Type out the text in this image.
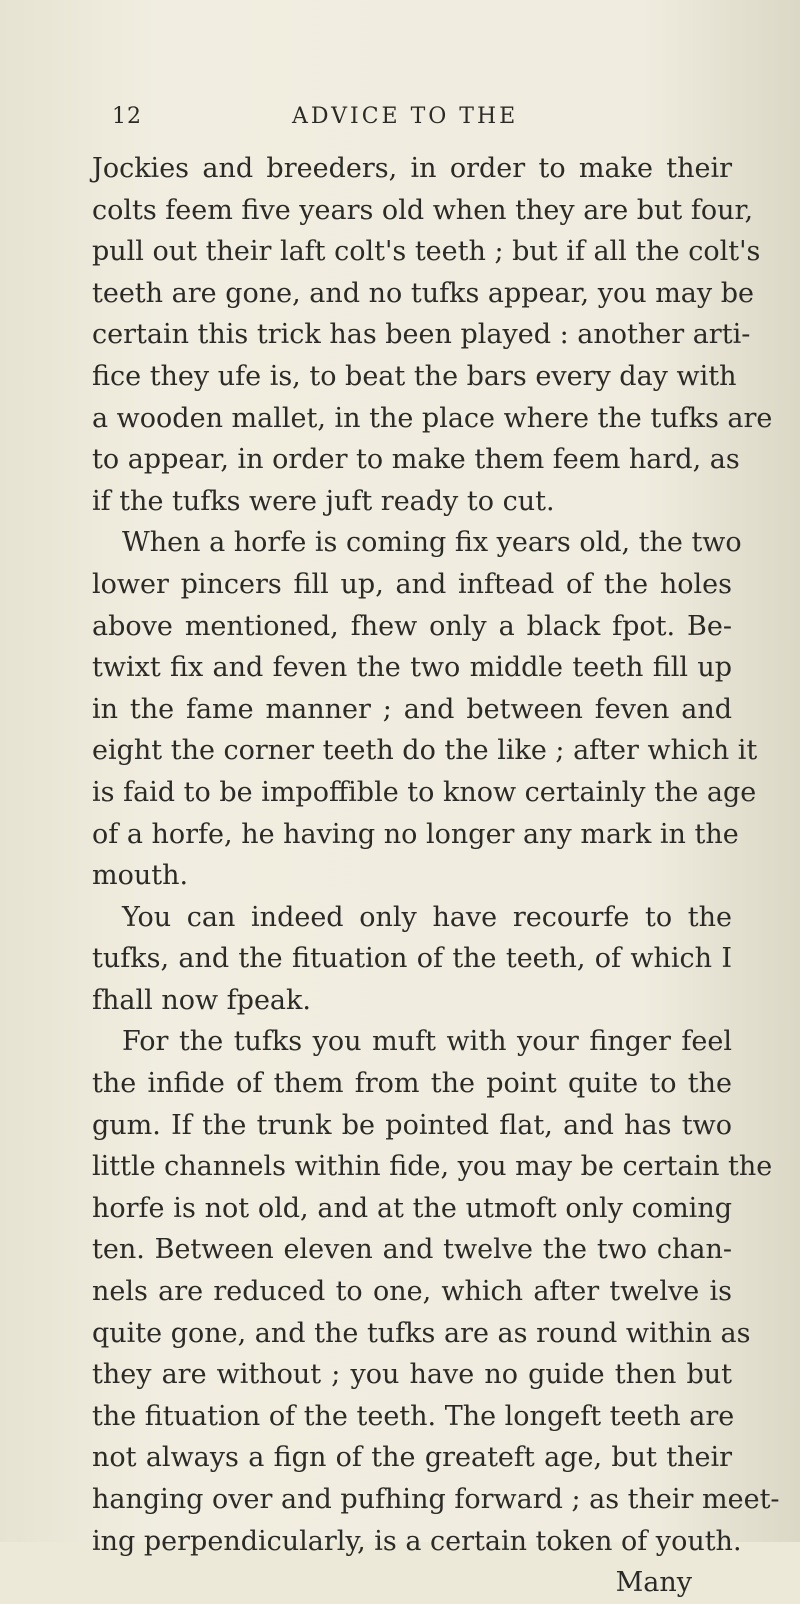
12	ADVICE TO THE
Jockies and breeders, in order to make their
colts feem five years old when they are but four,
pull out their laft colt's teeth ; but if all the colt's
teeth are gone, and no tufks appear, you may be
certain this trick has been played : another arti-
fice they ufe is, to beat the bars every day with
a wooden mallet, in the place where the tufks are
to appear, in order to make them feem hard, as
if the tufks were juft ready to cut.
When a horfe is coming fix years old, the two
lower pincers fill up, and inftead of the holes
above mentioned, fhew only a black fpot. Be-
twixt fix and feven the two middle teeth fill up
in the fame manner ; and between feven and
eight the corner teeth do the like ; after which it
is faid to be impoffible to know certainly the age
of a horfe, he having no longer any mark in the
mouth.
You can indeed only have recourfe to the
tufks, and the fituation of the teeth, of which I
fhall now fpeak.
For the tufks you muft with your finger feel
the infide of them from the point quite to the
gum. If the trunk be pointed flat, and has two
little channels within fide, you may be certain the
horfe is not old, and at the utmoft only coming
ten. Between eleven and twelve the two chan-
nels are reduced to one, which after twelve is
quite gone, and the tufks are as round within as
they are without ; you have no guide then but
the fituation of the teeth. The longeft teeth are
not always a fign of the greateft age, but their
hanging over and pufhing forward ; as their meet-
ing perpendicularly, is a certain token of youth.
Many
